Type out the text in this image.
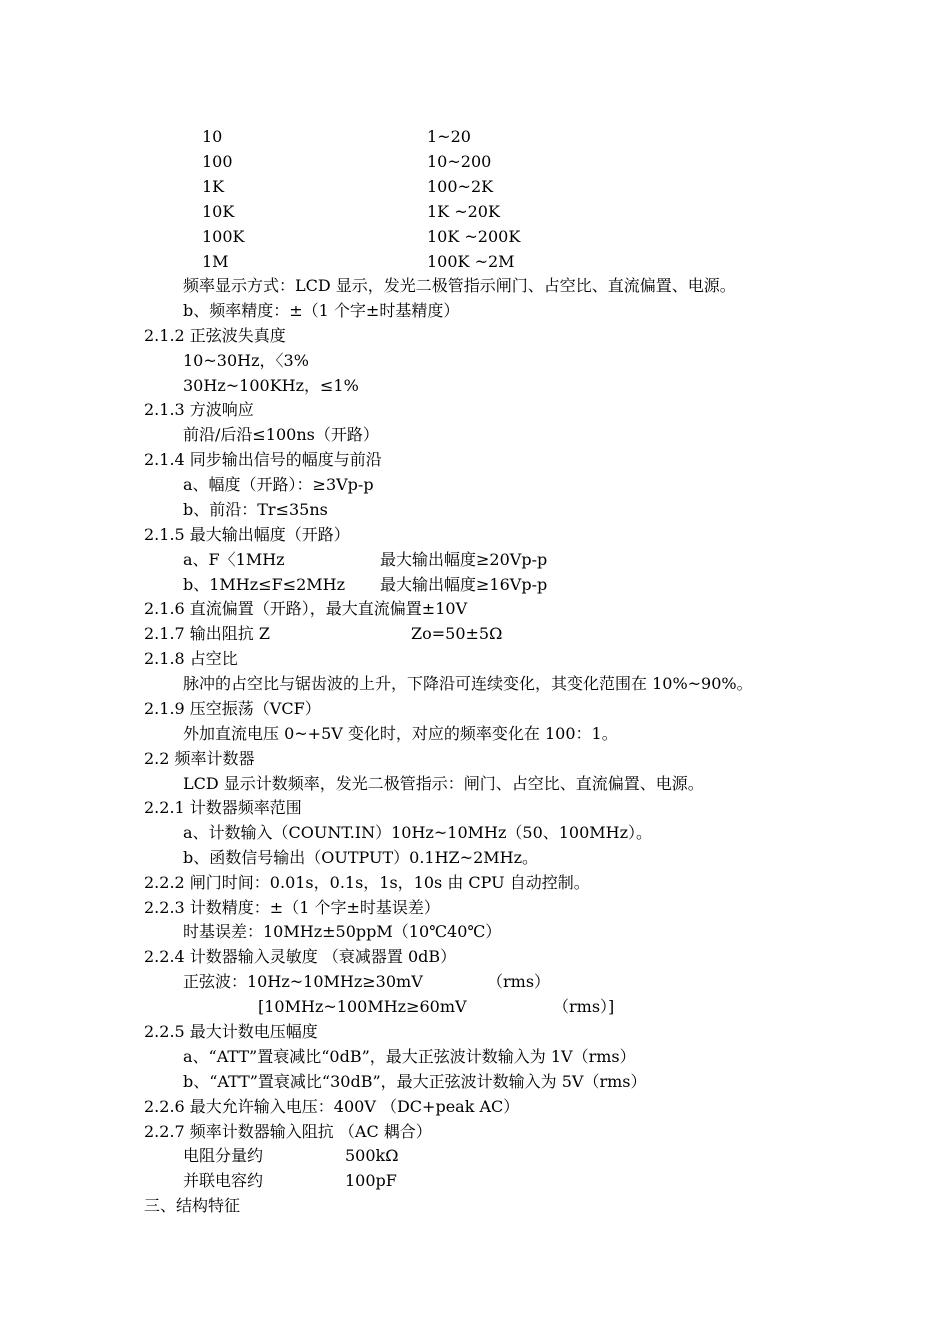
10	1~20
100	10~200
1K	100~2K
10K	1K ~20K
100K	10K ~200K
1M	100K ~2M
频率显示方式：LCD 显示，发光二极管指示闸门、占空比、直流偏置、电源。
b、频率精度：±（1 个字±时基精度）
2.1.2 正弦波失真度
10~30Hz，〈3%
30Hz~100KHz，≤1%
2.1.3 方波响应
前沿/后沿≤100ns（开路）
2.1.4 同步输出信号的幅度与前沿
a、幅度（开路）：≥3Vp-p
b、前沿：Tr≤35ns
2.1.5 最大输出幅度（开路）
a、F〈1MHz	最大输出幅度≥20Vp-p
b、1MHz≤F≤2MHz 最大输出幅度≥16Vp-p
2.1.6 直流偏置（开路），最大直流偏置±10V
2.1.7 输出阻抗 Z	Zo=50±5Ω
2.1.8 占空比
脉冲的占空比与锯齿波的上升，下降沿可连续变化，其变化范围在 10%~90%。
2.1.9 压空振荡（VCF）
外加直流电压 0~+5V 变化时，对应的频率变化在 100：1。
2.2 频率计数器
LCD 显示计数频率，发光二极管指示：闸门、占空比、直流偏置、电源。
2.2.1 计数器频率范围
a、计数输入（COUNT.IN）10Hz~10MHz（50、100MHz）。
b、函数信号输出（OUTPUT）0.1HZ~2MHz。
2.2.2 闸门时间：0.01s，0.1s，1s，10s 由 CPU 自动控制。
2.2.3 计数精度：±（1 个字±时基误差）
时基误差：10MHz±50ppM（10℃40℃）
2.2.4 计数器输入灵敏度 （衰减器置 0dB）
正弦波：10Hz~10MHz≥30mV	（rms）
[10MHz~100MHz≥60mV	（rms）]
2.2.5 最大计数电压幅度
a、“ATT”置衰减比“0dB”，最大正弦波计数输入为 1V（rms）
b、“ATT”置衰减比“30dB”，最大正弦波计数输入为 5V（rms）
2.2.6 最大允许输入电压：400V （DC+peak AC）
2.2.7 频率计数器输入阻抗 （AC 耦合）
电阻分量约	500kΩ
并联电容约	100pF
三、结构特征
